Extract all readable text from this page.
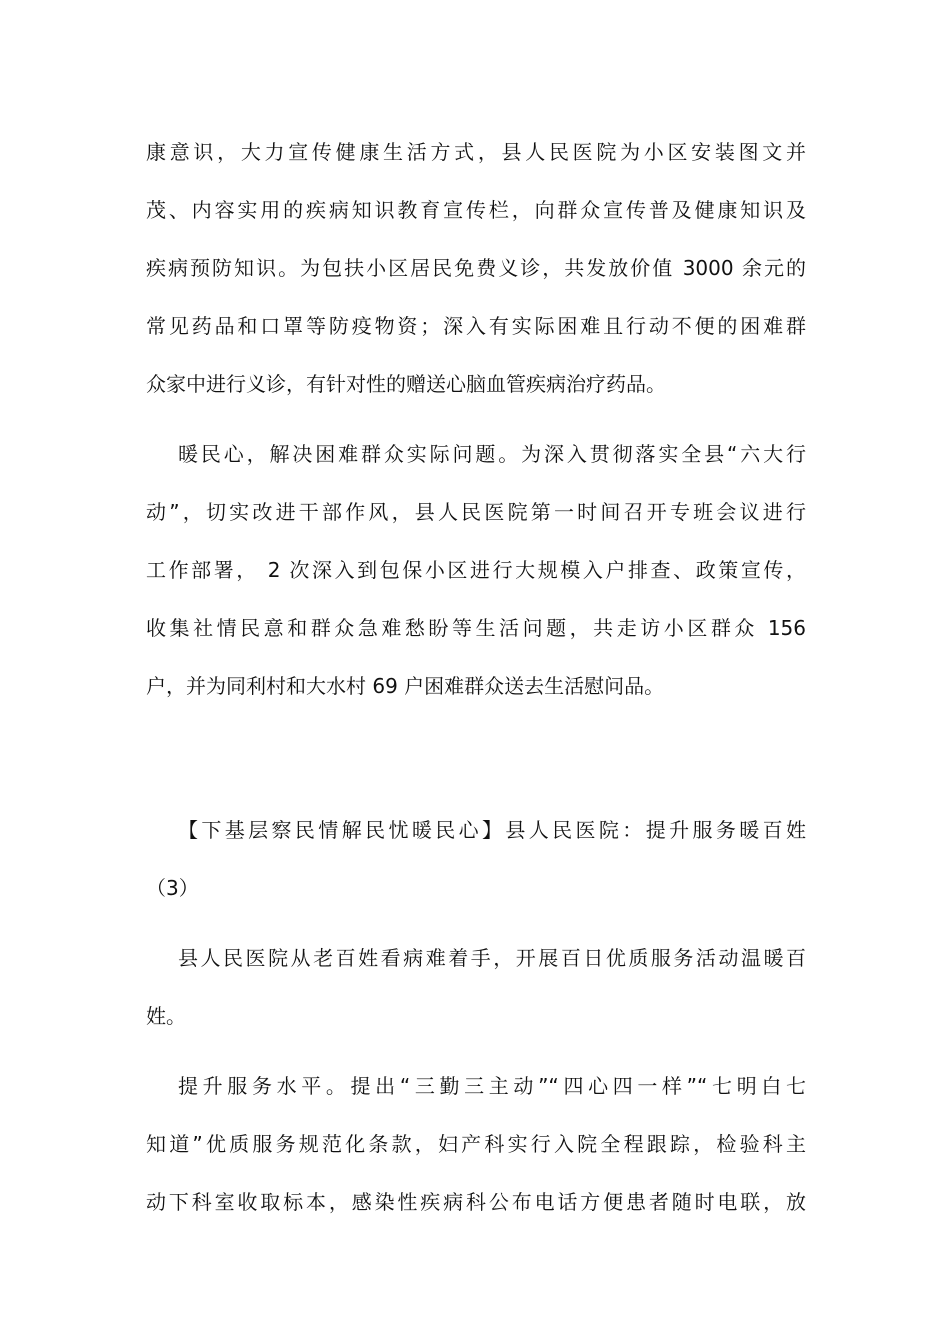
康意识，大力宣传健康生活方式，县人民医院为小区安装图文并
茂、内容实用的疾病知识教育宣传栏，向群众宣传普及健康知识及
疾病预防知识。为包扶小区居民免费义诊，共发放价值 3000 余元的
常见药品和口罩等防疫物资；深入有实际困难且行动不便的困难群
众家中进行义诊，有针对性的赠送心脑血管疾病治疗药品。
暖民心，解决困难群众实际问题。为深入贯彻落实全县“六大行
动”，切实改进干部作风，县人民医院第一时间召开专班会议进行
工作部署， 2 次深入到包保小区进行大规模入户排查、政策宣传，
收集社情民意和群众急难愁盼等生活问题，共走访小区群众 156
户，并为同利村和大水村 69 户困难群众送去生活慰问品。
【下基层察民情解民忧暖民心】县人民医院：提升服务暖百姓
（3）
县人民医院从老百姓看病难着手，开展百日优质服务活动温暖百
姓。
提升服务水平。提出“三勤三主动”“四心四一样”“七明白七
知道”优质服务规范化条款，妇产科实行入院全程跟踪，检验科主
动下科室收取标本，感染性疾病科公布电话方便患者随时电联，放
